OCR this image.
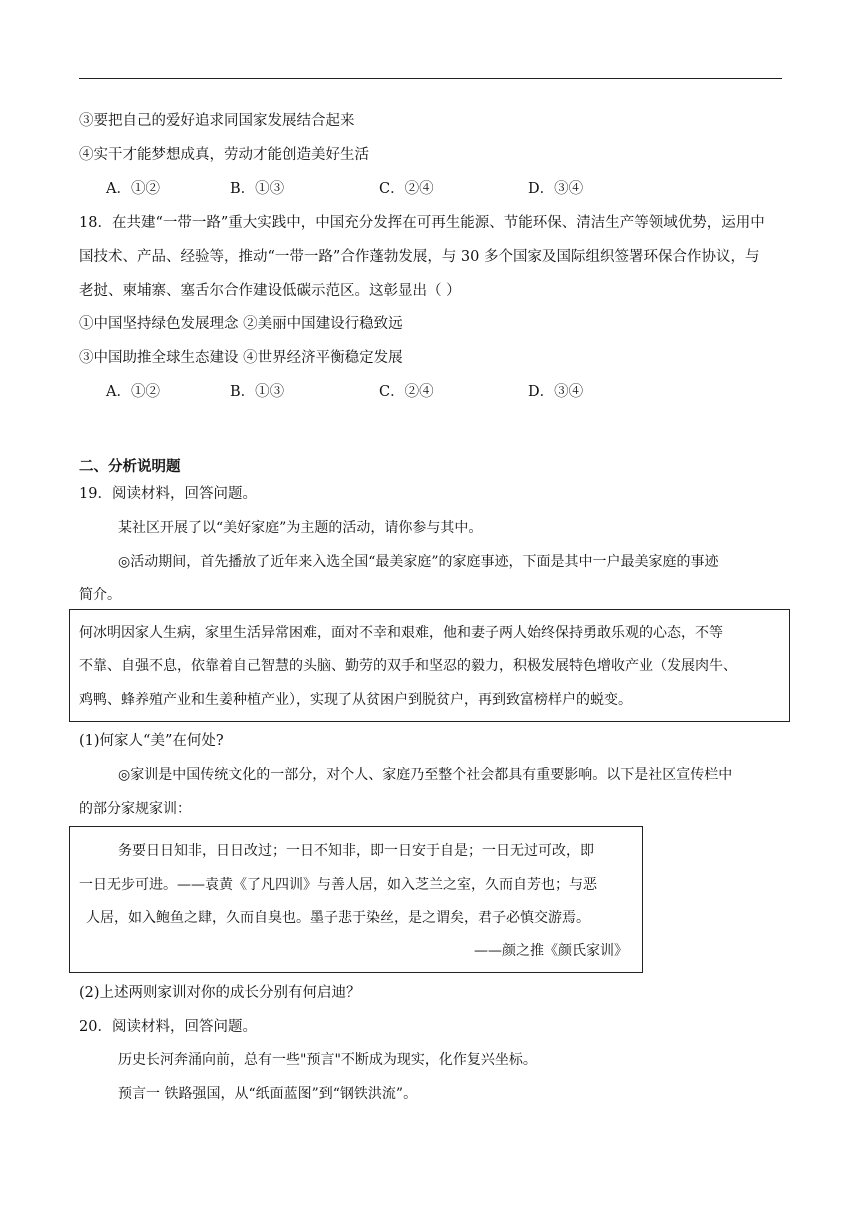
③要把自己的爱好追求同国家发展结合起来
④实干才能梦想成真，劳动才能创造美好生活
A．①②	B．①③	C．②④	D．③④
18．在共建“一带一路”重大实践中，中国充分发挥在可再生能源、节能环保、清洁生产等领域优势，运用中
国技术、产品、经验等，推动“一带一路”合作蓬勃发展，与 30 多个国家及国际组织签署环保合作协议，与
老挝、柬埔寨、塞舌尔合作建设低碳示范区。这彰显出（ ）
①中国坚持绿色发展理念 ②美丽中国建设行稳致远
③中国助推全球生态建设 ④世界经济平衡稳定发展
A．①②	B．①③	C．②④	D．③④
二、分析说明题
19．阅读材料，回答问题。
某社区开展了以“美好家庭”为主题的活动，请你参与其中。
◎活动期间，首先播放了近年来入选全国“最美家庭”的家庭事迹，下面是其中一户最美家庭的事迹
简介。
何冰明因家人生病，家里生活异常困难，面对不幸和艰难，他和妻子两人始终保持勇敢乐观的心态，不等
不靠、自强不息，依靠着自己智慧的头脑、勤劳的双手和坚忍的毅力，积极发展特色增收产业（发展肉牛、
鸡鸭、蜂养殖产业和生姜种植产业），实现了从贫困户到脱贫户，再到致富榜样户的蜕变。
(1)何家人“美”在何处?
◎家训是中国传统文化的一部分，对个人、家庭乃至整个社会都具有重要影响。以下是社区宣传栏中
的部分家规家训：
务要日日知非，日日改过；一日不知非，即一日安于自是；一日无过可改，即
一日无步可进。——袁黄《了凡四训》与善人居，如入芝兰之室，久而自芳也；与恶
人居，如入鲍鱼之肆，久而自臭也。墨子悲于染丝，是之谓矣，君子必慎交游焉。
——颜之推《颜氏家训》
(2)上述两则家训对你的成长分别有何启迪？
20．阅读材料，回答问题。
历史长河奔涌向前，总有一些"预言"不断成为现实，化作复兴坐标。
预言一 铁路强国，从“纸面蓝图”到“钢铁洪流”。
